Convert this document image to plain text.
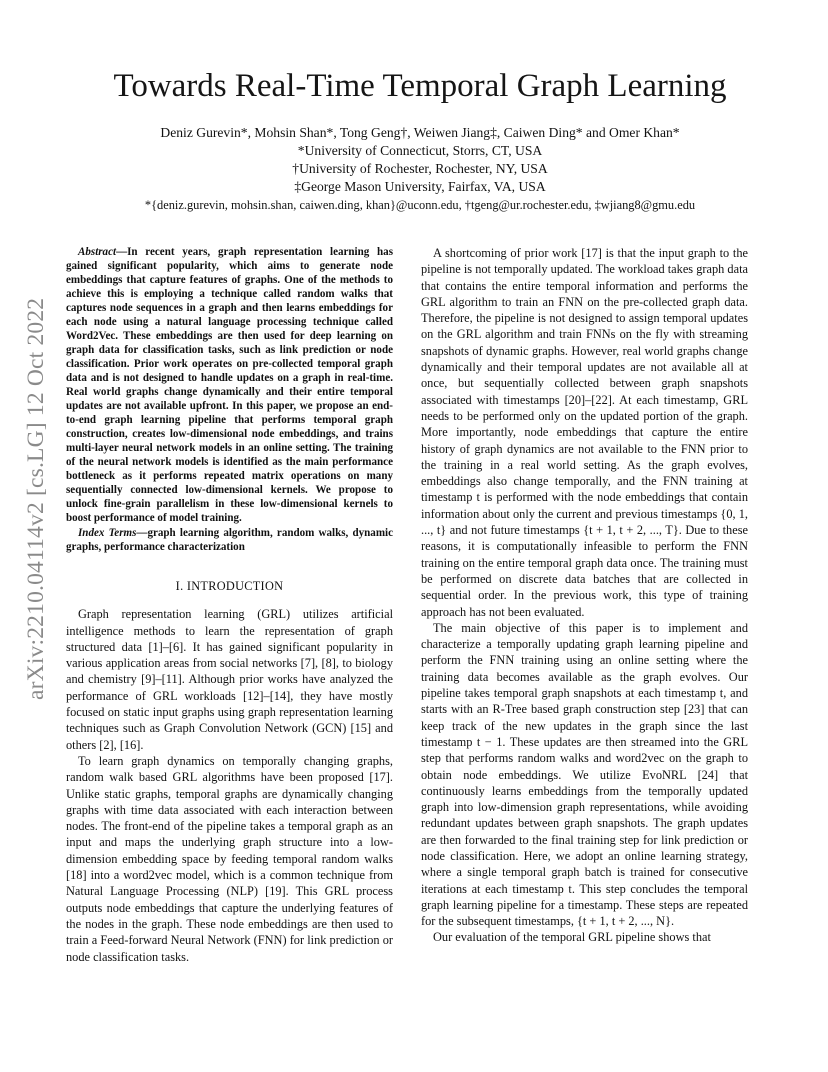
arXiv:2210.04114v2 [cs.LG] 12 Oct 2022
Towards Real-Time Temporal Graph Learning
Deniz Gurevin*, Mohsin Shan*, Tong Geng†, Weiwen Jiang‡, Caiwen Ding* and Omer Khan*
*University of Connecticut, Storrs, CT, USA
†University of Rochester, Rochester, NY, USA
‡George Mason University, Fairfax, VA, USA
*{deniz.gurevin, mohsin.shan, caiwen.ding, khan}@uconn.edu, †tgeng@ur.rochester.edu, ‡wjiang8@gmu.edu

Abstract—In recent years, graph representation learning has gained significant popularity, which aims to generate node embeddings that capture features of graphs. One of the methods to achieve this is employing a technique called random walks that captures node sequences in a graph and then learns embeddings for each node using a natural language processing technique called Word2Vec. These embeddings are then used for deep learning on graph data for classification tasks, such as link prediction or node classification. Prior work operates on pre-collected temporal graph data and is not designed to handle updates on a graph in real-time. Real world graphs change dynamically and their entire temporal updates are not available upfront. In this paper, we propose an end-to-end graph learning pipeline that performs temporal graph construction, creates low-dimensional node embeddings, and trains multi-layer neural network models in an online setting. The training of the neural network models is identified as the main performance bottleneck as it performs repeated matrix operations on many sequentially connected low-dimensional kernels. We propose to unlock fine-grain parallelism in these low-dimensional kernels to boost performance of model training.

Index Terms—graph learning algorithm, random walks, dynamic graphs, performance characterization

I. INTRODUCTION

Graph representation learning (GRL) utilizes artificial intelligence methods to learn the representation of graph structured data [1]–[6]. It has gained significant popularity in various application areas from social networks [7], [8], to biology and chemistry [9]–[11]. Although prior works have analyzed the performance of GRL workloads [12]–[14], they have mostly focused on static input graphs using graph representation learning techniques such as Graph Convolution Network (GCN) [15] and others [2], [16].

To learn graph dynamics on temporally changing graphs, random walk based GRL algorithms have been proposed [17]. Unlike static graphs, temporal graphs are dynamically changing graphs with time data associated with each interaction between nodes. The front-end of the pipeline takes a temporal graph as an input and maps the underlying graph structure into a low-dimension embedding space by feeding temporal random walks [18] into a word2vec model, which is a common technique from Natural Language Processing (NLP) [19]. This GRL process outputs node embeddings that capture the underlying features of the nodes in the graph. These node embeddings are then used to train a Feed-forward Neural Network (FNN) for link prediction or node classification tasks.

A shortcoming of prior work [17] is that the input graph to the pipeline is not temporally updated. The workload takes graph data that contains the entire temporal information and performs the GRL algorithm to train an FNN on the pre-collected graph data. Therefore, the pipeline is not designed to assign temporal updates on the GRL algorithm and train FNNs on the fly with streaming snapshots of dynamic graphs. However, real world graphs change dynamically and their temporal updates are not available all at once, but sequentially collected between graph snapshots associated with timestamps [20]–[22]. At each timestamp, GRL needs to be performed only on the updated portion of the graph. More importantly, node embeddings that capture the entire history of graph dynamics are not available to the FNN prior to the training in a real world setting. As the graph evolves, embeddings also change temporally, and the FNN training at timestamp t is performed with the node embeddings that contain information about only the current and previous timestamps {0, 1, ..., t} and not future timestamps {t + 1, t + 2, ..., T}. Due to these reasons, it is computationally infeasible to perform the FNN training on the entire temporal graph data once. The training must be performed on discrete data batches that are collected in sequential order. In the previous work, this type of training approach has not been evaluated.

The main objective of this paper is to implement and characterize a temporally updating graph learning pipeline and perform the FNN training using an online setting where the training data becomes available as the graph evolves. Our pipeline takes temporal graph snapshots at each timestamp t, and starts with an R-Tree based graph construction step [23] that can keep track of the new updates in the graph since the last timestamp t − 1. These updates are then streamed into the GRL step that performs random walks and word2vec on the graph to obtain node embeddings. We utilize EvoNRL [24] that continuously learns embeddings from the temporally updated graph into low-dimension graph representations, while avoiding redundant updates between graph snapshots. The graph updates are then forwarded to the final training step for link prediction or node classification. Here, we adopt an online learning strategy, where a single temporal graph batch is trained for consecutive iterations at each timestamp t. This step concludes the temporal graph learning pipeline for a timestamp. These steps are repeated for the subsequent timestamps, {t + 1, t + 2, ..., N}.

Our evaluation of the temporal GRL pipeline shows that
